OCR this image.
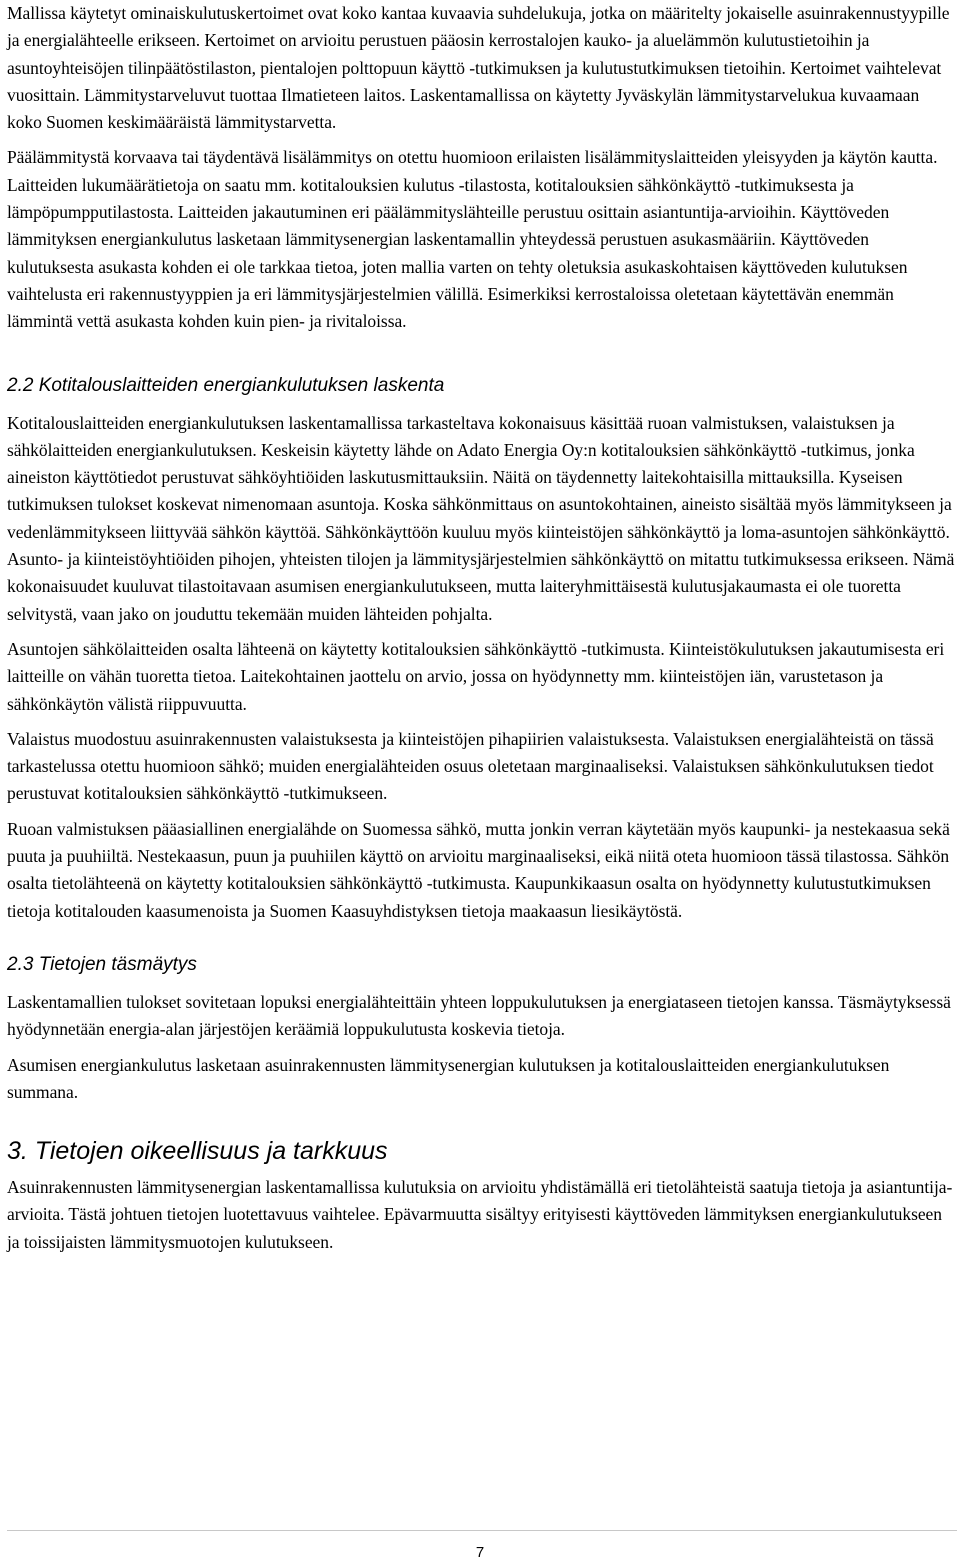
Mallissa käytetyt ominaiskulutuskertoimet ovat koko kantaa kuvaavia suhdelukuja, jotka on määritelty jokaiselle asuinrakennustyypille ja energialähteelle erikseen. Kertoimet on arvioitu perustuen pääosin kerrostalojen kauko- ja aluelämmön kulutustietoihin ja asuntoyhteisöjen tilinpäätöstilaston, pientalojen polttopuun käyttö -tutkimuksen ja kulutustutkimuksen tietoihin. Kertoimet vaihtelevat vuosittain. Lämmitystarveluvut tuottaa Ilmatieteen laitos. Laskentamallissa on käytetty Jyväskylän lämmitystarvelukua kuvaamaan koko Suomen keskimääräistä lämmitystarvetta.

Päälämmitystä korvaava tai täydentävä lisälämmitys on otettu huomioon erilaisten lisälämmityslaitteiden yleisyyden ja käytön kautta. Laitteiden lukumäärätietoja on saatu mm. kotitalouksien kulutus -tilastosta, kotitalouksien sähkönkäyttö -tutkimuksesta ja lämpöpumpputilastosta. Laitteiden jakautuminen eri päälämmityslähteille perustuu osittain asiantuntija-arvioihin. Käyttöveden lämmityksen energiankulutus lasketaan lämmitysenergian laskentamallin yhteydessä perustuen asukasmääriin. Käyttöveden kulutuksesta asukasta kohden ei ole tarkkaa tietoa, joten mallia varten on tehty oletuksia asukaskohtaisen käyttöveden kulutuksen vaihtelusta eri rakennustyyppien ja eri lämmitysjärjestelmien välillä. Esimerkiksi kerrostaloissa oletetaan käytettävän enemmän lämmintä vettä asukasta kohden kuin pien- ja rivitaloissa.

2.2 Kotitalouslaitteiden energiankulutuksen laskenta

Kotitalouslaitteiden energiankulutuksen laskentamallissa tarkasteltava kokonaisuus käsittää ruoan valmistuksen, valaistuksen ja sähkölaitteiden energiankulutuksen. Keskeisin käytetty lähde on Adato Energia Oy:n kotitalouksien sähkönkäyttö -tutkimus, jonka aineiston käyttötiedot perustuvat sähköyhtiöiden laskutusmittauksiin. Näitä on täydennetty laitekohtaisilla mittauksilla. Kyseisen tutkimuksen tulokset koskevat nimenomaan asuntoja. Koska sähkönmittaus on asuntokohtainen, aineisto sisältää myös lämmitykseen ja vedenlämmitykseen liittyvää sähkön käyttöä. Sähkönkäyttöön kuuluu myös kiinteistöjen sähkönkäyttö ja loma-asuntojen sähkönkäyttö. Asunto- ja kiinteistöyhtiöiden pihojen, yhteisten tilojen ja lämmitysjärjestelmien sähkönkäyttö on mitattu tutkimuksessa erikseen. Nämä kokonaisuudet kuuluvat tilastoitavaan asumisen energiankulutukseen, mutta laiteryhmittäisestä kulutusjakaumasta ei ole tuoretta selvitystä, vaan jako on jouduttu tekemään muiden lähteiden pohjalta.

Asuntojen sähkölaitteiden osalta lähteenä on käytetty kotitalouksien sähkönkäyttö -tutkimusta. Kiinteistökulutuksen jakautumisesta eri laitteille on vähän tuoretta tietoa. Laitekohtainen jaottelu on arvio, jossa on hyödynnetty mm. kiinteistöjen iän, varustetason ja sähkönkäytön välistä riippuvuutta.

Valaistus muodostuu asuinrakennusten valaistuksesta ja kiinteistöjen pihapiirien valaistuksesta. Valaistuksen energialähteistä on tässä tarkastelussa otettu huomioon sähkö; muiden energialähteiden osuus oletetaan marginaaliseksi. Valaistuksen sähkönkulutuksen tiedot perustuvat kotitalouksien sähkönkäyttö -tutkimukseen.

Ruoan valmistuksen pääasiallinen energialähde on Suomessa sähkö, mutta jonkin verran käytetään myös kaupunki- ja nestekaasua sekä puuta ja puuhiiltä. Nestekaasun, puun ja puuhiilen käyttö on arvioitu marginaaliseksi, eikä niitä oteta huomioon tässä tilastossa. Sähkön osalta tietolähteenä on käytetty kotitalouksien sähkönkäyttö -tutkimusta. Kaupunkikaasun osalta on hyödynnetty kulutustutkimuksen tietoja kotitalouden kaasumenoista ja Suomen Kaasuyhdistyksen tietoja maakaasun liesikäytöstä.

2.3 Tietojen täsmäytys

Laskentamallien tulokset sovitetaan lopuksi energialähteittäin yhteen loppukulutuksen ja energiataseen tietojen kanssa. Täsmäytyksessä hyödynnetään energia-alan järjestöjen keräämiä loppukulutusta koskevia tietoja.

Asumisen energiankulutus lasketaan asuinrakennusten lämmitysenergian kulutuksen ja kotitalouslaitteiden energiankulutuksen summana.

3. Tietojen oikeellisuus ja tarkkuus

Asuinrakennusten lämmitysenergian laskentamallissa kulutuksia on arvioitu yhdistämällä eri tietolähteistä saatuja tietoja ja asiantuntija-arvioita. Tästä johtuen tietojen luotettavuus vaihtelee. Epävarmuutta sisältyy erityisesti käyttöveden lämmityksen energiankulutukseen ja toissijaisten lämmitysmuotojen kulutukseen.

7
